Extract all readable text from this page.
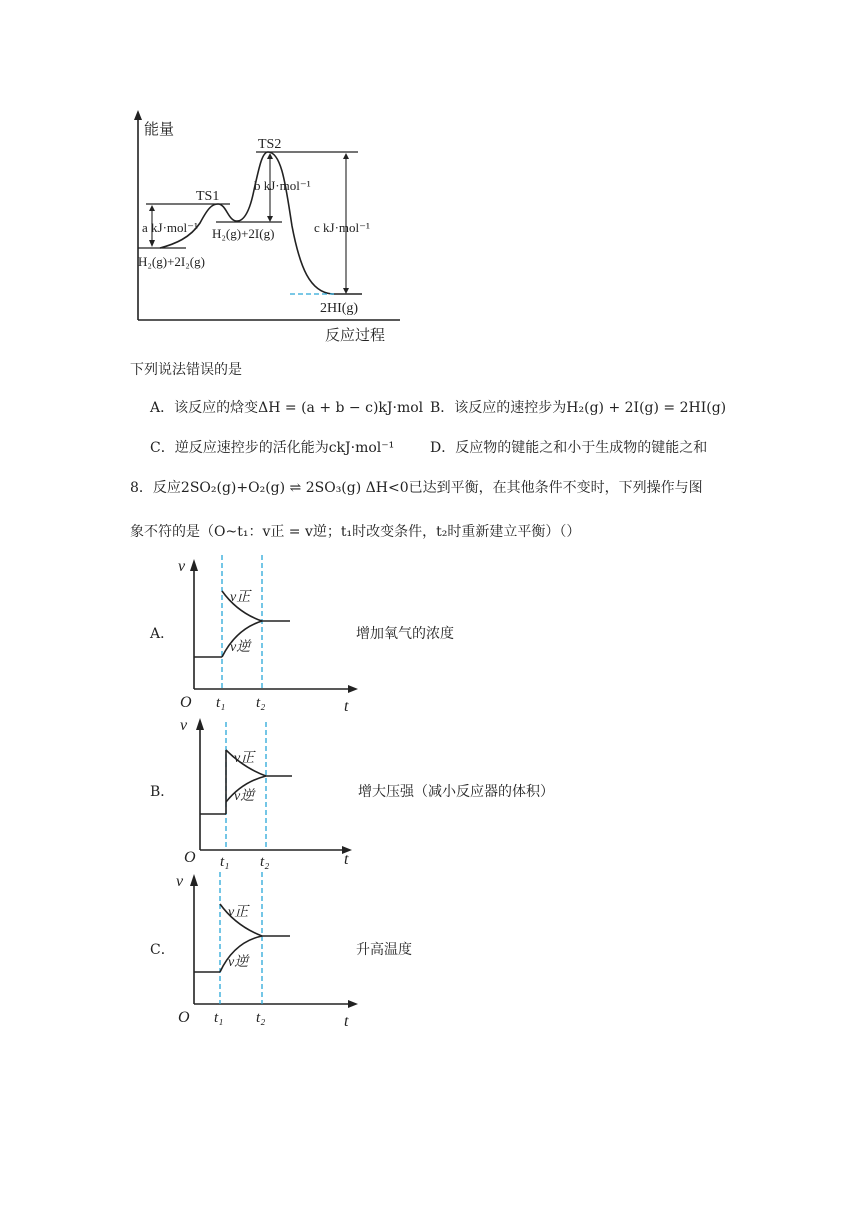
能量
反应过程
TS1
TS2
a kJ·mol⁻¹
b kJ·mol⁻¹
c kJ·mol⁻¹
H₂(g)+2I(g)
H₂(g)+2I₂(g)
2HI(g)
下列说法错误的是
A．该反应的焓变ΔH = (a + b − c)kJ·mol B．该反应的速控步为H₂(g) + 2I(g) = 2HI(g)
C．逆反应速控步的活化能为ckJ·mol⁻¹	D．反应物的键能之和小于生成物的键能之和
8．反应2SO₂(g)+O₂(g) ⇌ 2SO₃(g) ΔH<0已达到平衡，在其他条件不变时，下列操作与图
象不符的是（O~t₁：v正 = v逆；t₁时改变条件，t₂时重新建立平衡）（）
A．
v
O	t
t₁ t₂
v正
v逆
增加氧气的浓度
B．
v
O	t
t₁ t₂
v正
v逆	增大压强（减小反应器的体积）
C．
v
O	t
t₁ t₂
v正
v逆
升高温度
